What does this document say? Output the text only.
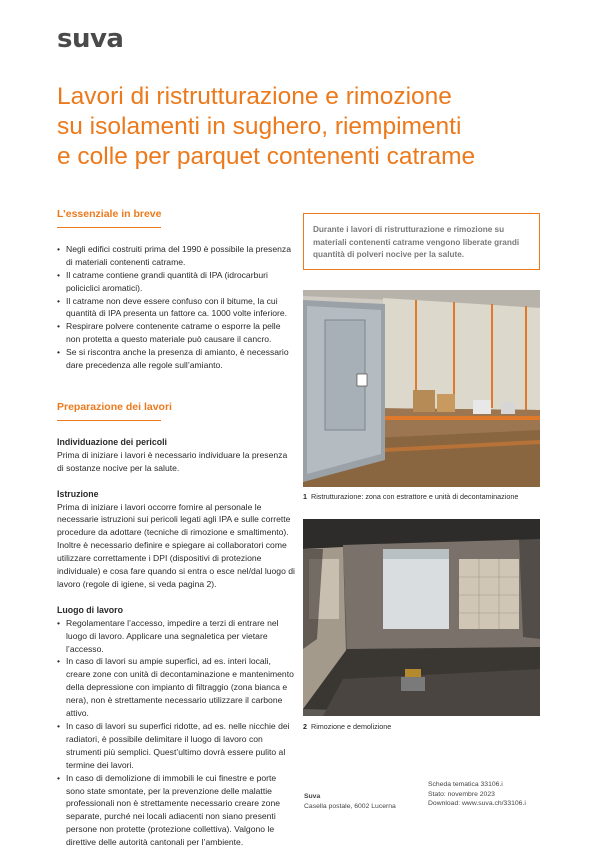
suva
Lavori di ristrutturazione e rimozione
su isolamenti in sughero, riempimenti
e colle per parquet contenenti catrame
L’essenziale in breve
• Negli edifici costruiti prima del 1990 è possibile la presenza di materiali contenenti catrame.
• Il catrame contiene grandi quantità di IPA (idrocarburi policiclici aromatici).
• Il catrame non deve essere confuso con il bitume, la cui quantità di IPA presenta un fattore ca. 1000 volte inferiore.
• Respirare polvere contenente catrame o esporre la pelle non protetta a questo materiale può causare il cancro.
• Se si riscontra anche la presenza di amianto, è necessario dare precedenza alle regole sull’amianto.
Preparazione dei lavori
Individuazione dei pericoli

Prima di iniziare i lavori è necessario individuare la presenza di sostanze nocive per la salute.

Istruzione

Prima di iniziare i lavori occorre fornire al personale le necessarie istruzioni sui pericoli legati agli IPA e sulle corrette procedure da adottare (tecniche di rimozione e smaltimento). Inoltre è necessario definire e spiegare ai collaboratori come utilizzare correttamente i DPI (dispositivi di protezione individuale) e cosa fare quando si entra o esce nel/dal luogo di lavoro (regole di igiene, si veda pagina 2).

Luogo di lavoro
• Regolamentare l’accesso, impedire a terzi di entrare nel luogo di lavoro. Applicare una segnaletica per vietare l’accesso.
• In caso di lavori su ampie superfici, ad es. interi locali, creare zone con unità di decontaminazione e mantenimento della depressione con impianto di filtraggio (zona bianca e nera), non è strettamente necessario utilizzare il carbone attivo.
• In caso di lavori su superfici ridotte, ad es. nelle nicchie dei radiatori, è possibile delimitare il luogo di lavoro con strumenti più semplici. Quest’ultimo dovrà essere pulito al termine dei lavori.
• In caso di demolizione di immobili le cui finestre e porte sono state smontate, per la prevenzione delle malattie professionali non è strettamente necessario creare zone separate, purché nei locali adiacenti non siano presenti persone non protette (protezione collettiva). Valgono le direttive delle autorità cantonali per l’ambiente.
Durante i lavori di ristrutturazione e rimozione su materiali contenenti catrame vengono liberate grandi quantità di polveri nocive per la salute.
1 Ristrutturazione: zona con estrattore e unità di decontaminazione
2 Rimozione e demolizione
Suva
Casella postale, 6002 Lucerna
Scheda tematica 33106.i
Stato: novembre 2023
Download: www.suva.ch/33106.i
